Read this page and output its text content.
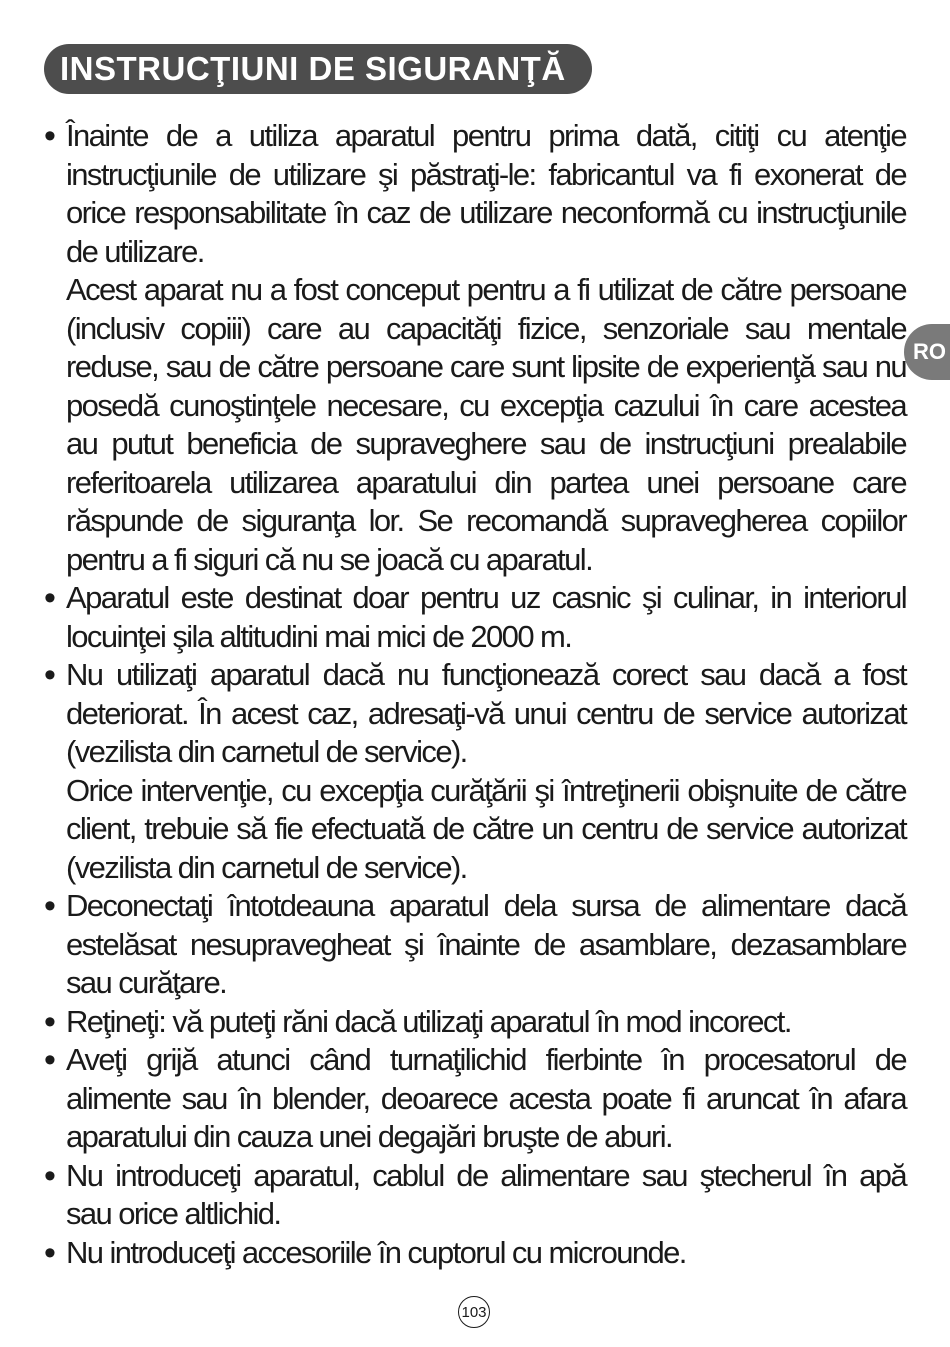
INSTRUCŢIUNI DE SIGURANŢĂ
RO
• Înainte de a utiliza aparatul pentru prima dată, citiţi cu atenţie instrucţiunile de utilizare şi păstraţi-le: fabricantul va fi exonerat de orice responsabilitate în caz de utilizare neconformă cu instrucţiunile de utilizare.

Acest aparat nu a fost conceput pentru a fi utilizat de către persoane (inclusiv copiii) care au capacităţi fizice, senzoriale sau mentale reduse, sau de către persoane care sunt lipsite de experienţă sau nu posedă cunoştinţele necesare, cu excepţia cazului în care acestea au putut beneficia de supraveghere sau de instrucţiuni prealabile referitoarela utilizarea aparatului din partea unei persoane care răspunde de siguranţa lor. Se recomandă supravegherea copiilor pentru a fi siguri că nu se joacă cu aparatul.

• Aparatul este destinat doar pentru uz casnic şi culinar, in interiorul locuinţei şila altitudini mai mici de 2000 m.

• Nu utilizaţi aparatul dacă nu funcţionează corect sau dacă a fost deteriorat. În acest caz, adresaţi-vă unui centru de service autorizat (vezilista din carnetul de service).

Orice intervenţie, cu excepţia curăţării şi întreţinerii obişnuite de către client, trebuie să fie efectuată de către un centru de service autorizat (vezilista din carnetul de service).

• Deconectaţi întotdeauna aparatul dela sursa de alimentare dacă estelăsat nesupravegheat şi înainte de asamblare, dezasamblare sau curăţare.

• Reţineţi: vă puteţi răni dacă utilizaţi aparatul în mod incorect.

• Aveţi grijă atunci când turnaţilichid fierbinte în procesatorul de alimente sau în blender, deoarece acesta poate fi aruncat în afara aparatului din cauza unei degajări bruşte de aburi.

• Nu introduceţi aparatul, cablul de alimentare sau ştecherul în apă sau orice altlichid.

• Nu introduceţi accesoriile în cuptorul cu microunde.

103
